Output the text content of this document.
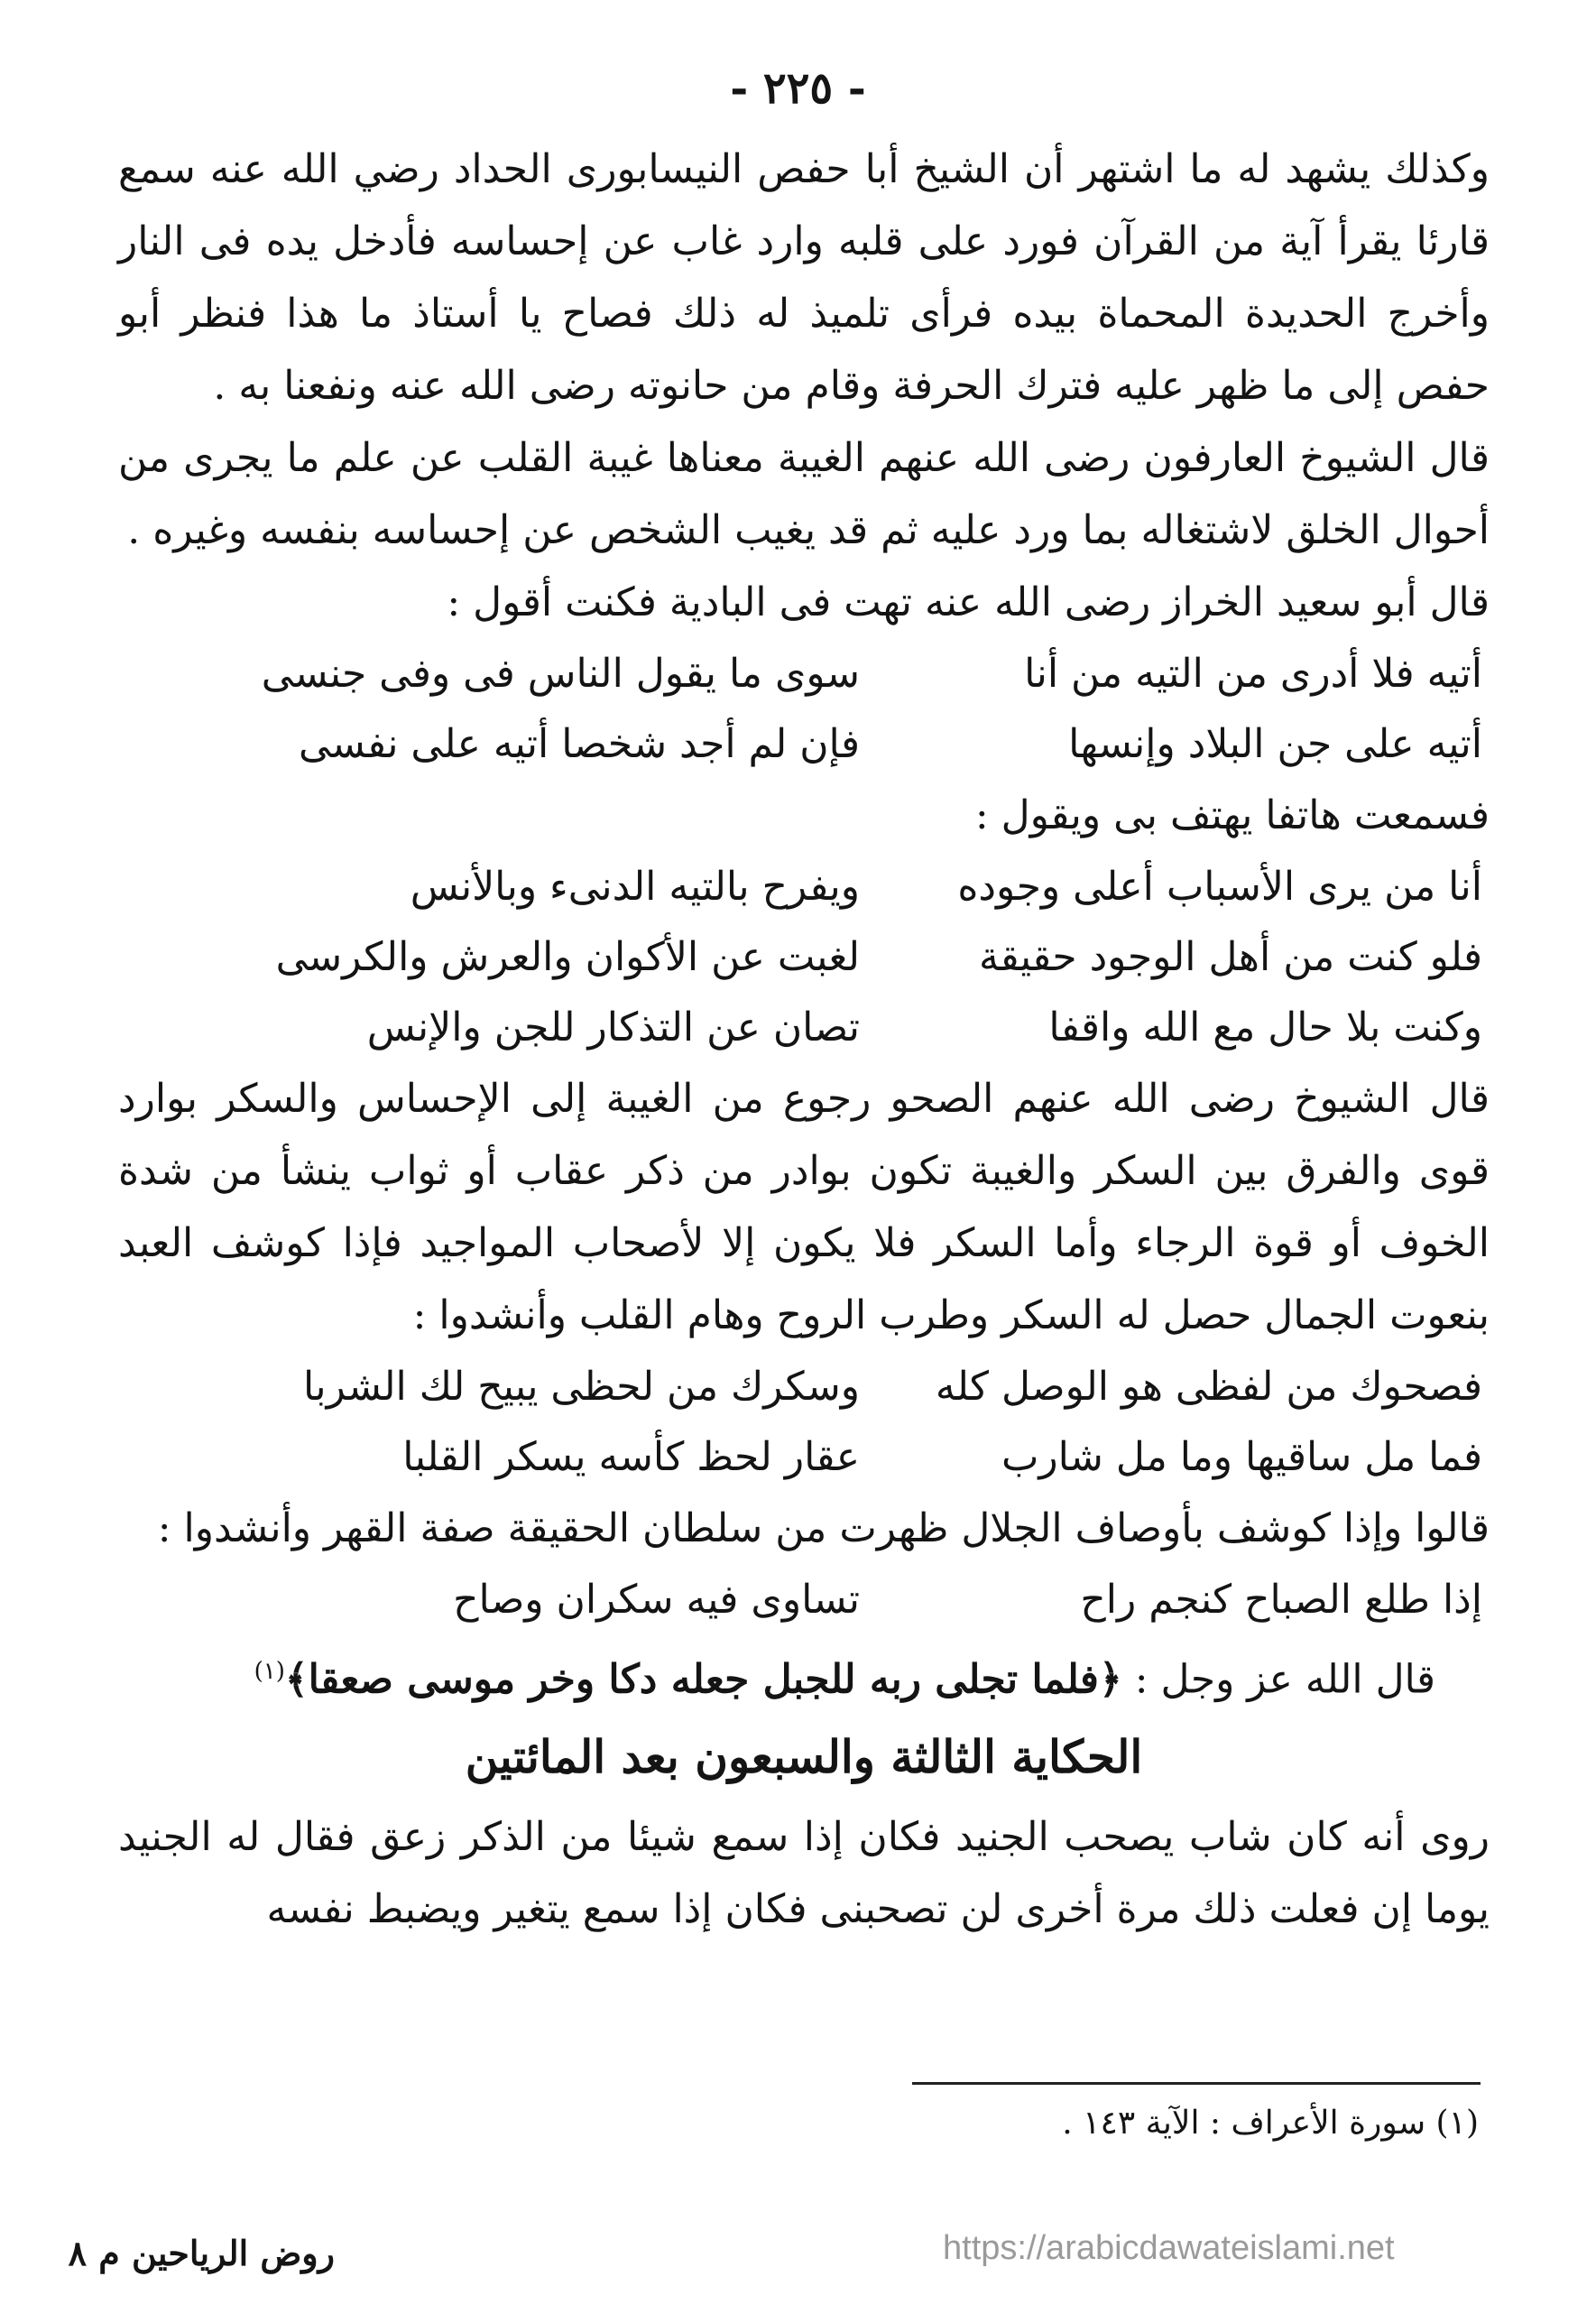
- ٢٢٥ -

وكذلك يشهد له ما اشتهر أن الشيخ أبا حفص النيسابورى الحداد رضي الله عنه سمع قارئا يقرأ آية من القرآن فورد على قلبه وارد غاب عن إحساسه فأدخل يده فى النار وأخرج الحديدة المحماة بيده فرأى تلميذ له ذلك فصاح يا أستاذ ما هذا فنظر أبو حفص إلى ما ظهر عليه فترك الحرفة وقام من حانوته رضى الله عنه ونفعنا به .

قال الشيوخ العارفون رضى الله عنهم الغيبة معناها غيبة القلب عن علم ما يجرى من أحوال الخلق لاشتغاله بما ورد عليه ثم قد يغيب الشخص عن إحساسه بنفسه وغيره .

قال أبو سعيد الخراز رضى الله عنه تهت فى البادية فكنت أقول :

أتيه فلا أدرى من التيه من أنا
سوى ما يقول الناس فى وفى جنسى
أتيه على جن البلاد وإنسها
فإن لم أجد شخصا أتيه على نفسى

فسمعت هاتفا يهتف بى ويقول :

أنا من يرى الأسباب أعلى وجوده
ويفرح بالتيه الدنىء وبالأنس
فلو كنت من أهل الوجود حقيقة
لغبت عن الأكوان والعرش والكرسى
وكنت بلا حال مع الله واقفا
تصان عن التذكار للجن والإنس

قال الشيوخ رضى الله عنهم الصحو رجوع من الغيبة إلى الإحساس والسكر بوارد قوى والفرق بين السكر والغيبة تكون بوادر من ذكر عقاب أو ثواب ينشأ من شدة الخوف أو قوة الرجاء وأما السكر فلا يكون إلا لأصحاب المواجيد فإذا كوشف العبد بنعوت الجمال حصل له السكر وطرب الروح وهام القلب وأنشدوا :

فصحوك من لفظى هو الوصل كله
وسكرك من لحظى يبيح لك الشربا
فما مل ساقيها وما مل شارب
عقار لحظ كأسه يسكر القلبا

قالوا وإذا كوشف بأوصاف الجلال ظهرت من سلطان الحقيقة صفة القهر وأنشدوا :

إذا طلع الصباح كنجم راح
تساوى فيه سكران وصاح
قال الله عز وجل : ﴿فلما تجلى ربه للجبل جعله دكا وخر موسى صعقا﴾$^{(١)}$
الحكاية الثالثة والسبعون بعد المائتين

روى أنه كان شاب يصحب الجنيد فكان إذا سمع شيئا من الذكر زعق فقال له الجنيد يوما إن فعلت ذلك مرة أخرى لن تصحبنى فكان إذا سمع يتغير ويضبط نفسه

(١) سورة الأعراف : الآية ١٤٣ .
روض الرياحين م ٨	https://arabicdawateislami.net
